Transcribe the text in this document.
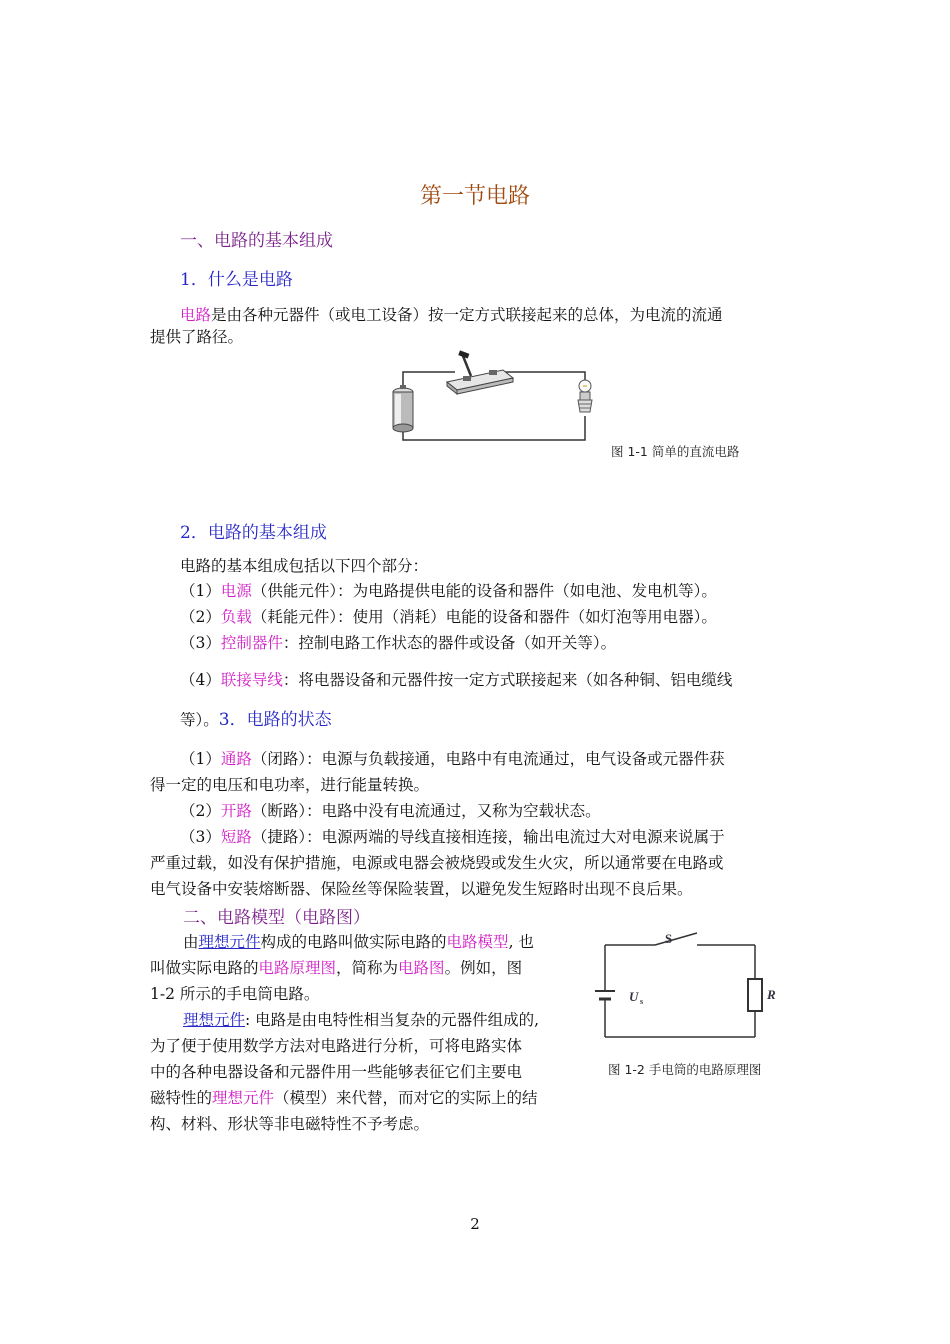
第一节电路
一、电路的基本组成
1．什么是电路
电路是由各种元器件（或电工设备）按一定方式联接起来的总体，为电流的流通
提供了路径。
图 1-1 简单的直流电路
2．电路的基本组成
电路的基本组成包括以下四个部分：
（1）电源（供能元件）：为电路提供电能的设备和器件（如电池、发电机等）。
（2）负载（耗能元件）：使用（消耗）电能的设备和器件（如灯泡等用电器）。
（3）控制器件：控制电路工作状态的器件或设备（如开关等）。
（4）联接导线：将电器设备和元器件按一定方式联接起来（如各种铜、铝电缆线
等）。3．电路的状态
（1）通路（闭路）：电源与负载接通，电路中有电流通过，电气设备或元器件获
得一定的电压和电功率，进行能量转换。
（2）开路（断路）：电路中没有电流通过，又称为空载状态。
（3）短路（捷路）：电源两端的导线直接相连接，输出电流过大对电源来说属于
严重过载，如没有保护措施，电源或电器会被烧毁或发生火灾，所以通常要在电路或
电气设备中安装熔断器、保险丝等保险装置，以避免发生短路时出现不良后果。
二、电路模型（电路图）
由理想元件构成的电路叫做实际电路的电路模型, 也
叫做实际电路的电路原理图，简称为电路图。例如，图
1-2 所示的手电筒电路。
理想元件: 电路是由电特性相当复杂的元器件组成的,
为了便于使用数学方法对电路进行分析，可将电路实体
中的各种电器设备和元器件用一些能够表征它们主要电
磁特性的理想元件（模型）来代替，而对它的实际上的结
构、材料、形状等非电磁特性不予考虑。
S
U s	R
图 1-2 手电筒的电路原理图
2
